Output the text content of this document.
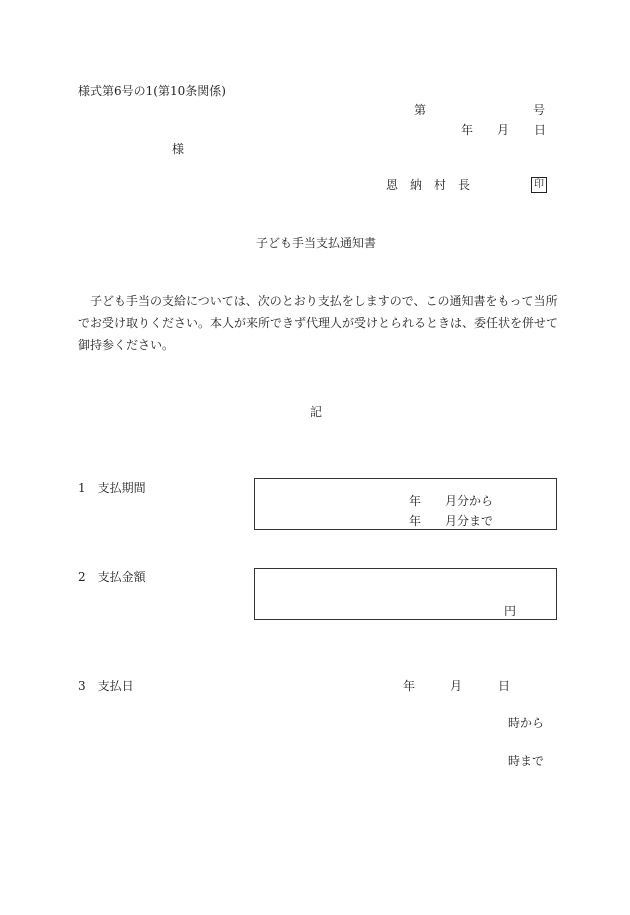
様式第6号の1(第10条関係)
第	号
年 月 日
様
恩　納　村　長	印
子ども手当支払通知書
子ども手当の支給については、次のとおり支払をしますので、この通知書をもって当所
でお受け取りください。本人が来所できず代理人が受けとられるときは、委任状を併せて
御持参ください。
記
1　支払期間
年 月分から
年 月分まで
2　支払金額
円
3　支払日	年	月	日
時から
時まで
